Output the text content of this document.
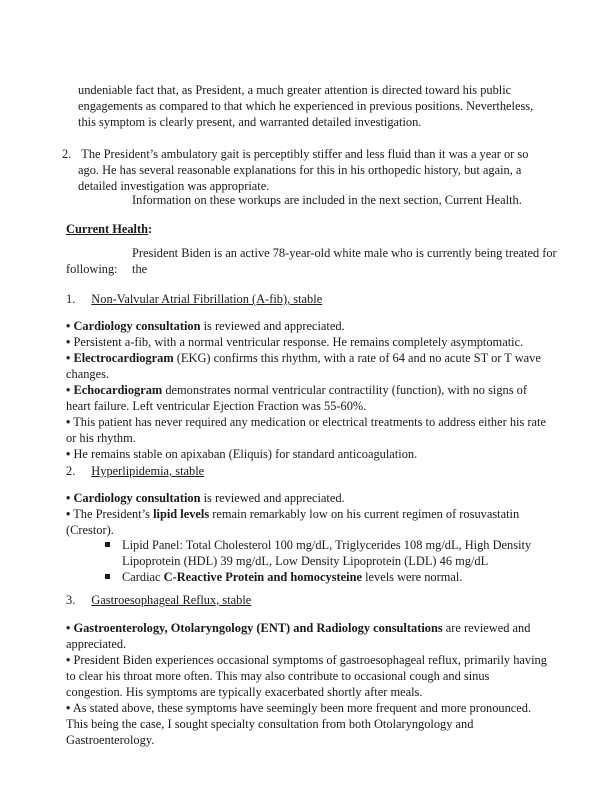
undeniable fact that, as President, a much greater attention is directed toward his public
engagements as compared to that which he experienced in previous positions. Nevertheless,
this symptom is clearly present, and warranted detailed investigation.
2. The President’s ambulatory gait is perceptibly stiffer and less fluid than it was a year or so
ago. He has several reasonable explanations for this in his orthopedic history, but again, a
detailed investigation was appropriate.
Information on these workups are included in the next section, Current Health.
Current Health:
President Biden is an active 78-year-old white male who is currently being treated for the
following:
1. Non-Valvular Atrial Fibrillation (A-fib), stable
• Cardiology consultation is reviewed and appreciated.
• Persistent a-fib, with a normal ventricular response. He remains completely asymptomatic.
• Electrocardiogram (EKG) confirms this rhythm, with a rate of 64 and no acute ST or T wave
changes.
• Echocardiogram demonstrates normal ventricular contractility (function), with no signs of
heart failure. Left ventricular Ejection Fraction was 55-60%.
• This patient has never required any medication or electrical treatments to address either his rate
or his rhythm.
• He remains stable on apixaban (Eliquis) for standard anticoagulation.
2. Hyperlipidemia, stable
• Cardiology consultation is reviewed and appreciated.
• The President’s lipid levels remain remarkably low on his current regimen of rosuvastatin
(Crestor).
Lipid Panel: Total Cholesterol 100 mg/dL, Triglycerides 108 mg/dL, High Density
Lipoprotein (HDL) 39 mg/dL, Low Density Lipoprotein (LDL) 46 mg/dL
Cardiac C-Reactive Protein and homocysteine levels were normal.
3. Gastroesophageal Reflux, stable
• Gastroenterology, Otolaryngology (ENT) and Radiology consultations are reviewed and
appreciated.
• President Biden experiences occasional symptoms of gastroesophageal reflux, primarily having
to clear his throat more often. This may also contribute to occasional cough and sinus
congestion. His symptoms are typically exacerbated shortly after meals.
• As stated above, these symptoms have seemingly been more frequent and more pronounced.
This being the case, I sought specialty consultation from both Otolaryngology and
Gastroenterology.
